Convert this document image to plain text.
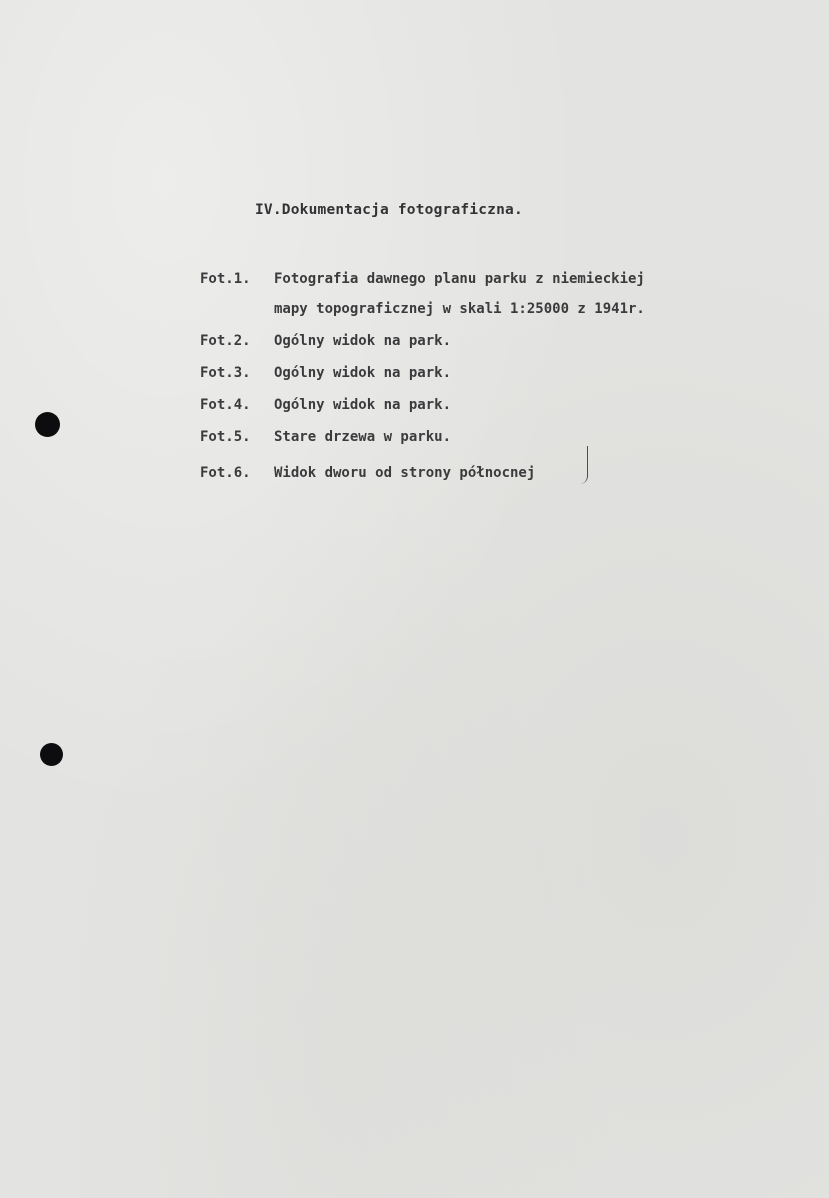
IV.Dokumentacja fotograficzna.
Fot.1. Fotografia dawnego planu parku z niemieckiej
mapy topograficznej w skali 1:25000 z 1941r.
Fot.2. Ogólny widok na park.
Fot.3. Ogólny widok na park.
Fot.4. Ogólny widok na park.
Fot.5. Stare drzewa w parku.
Fot.6. Widok dworu od strony północnej
